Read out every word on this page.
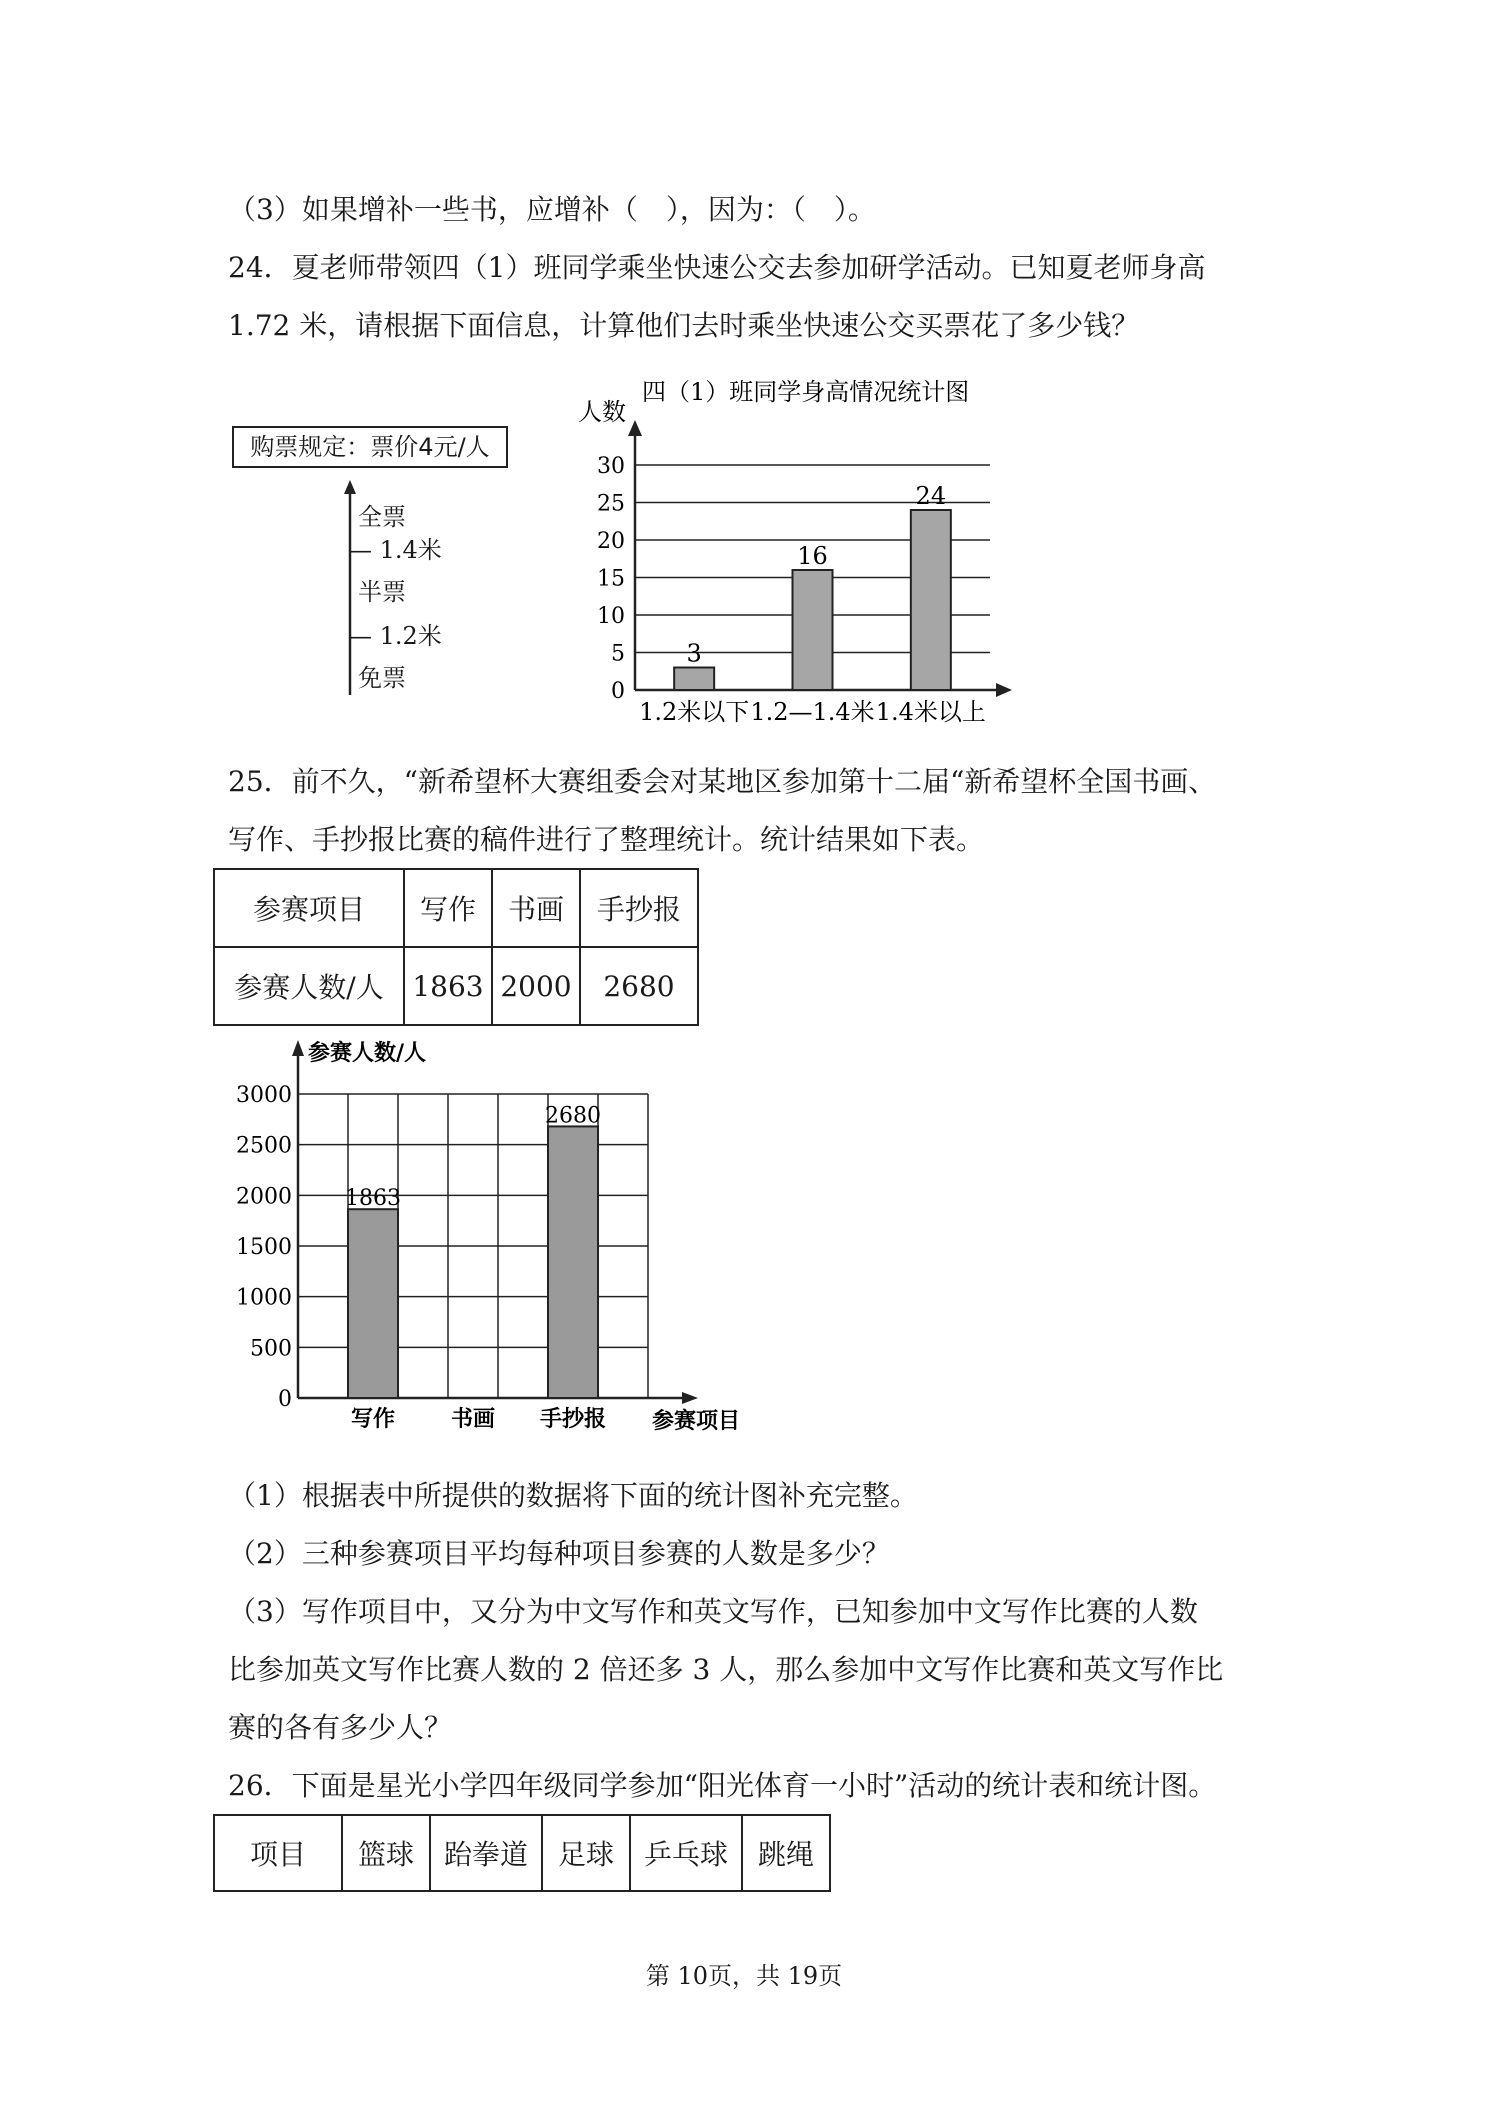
（3）如果增补一些书，应增补（　），因为：（　）。
24．夏老师带领四（1）班同学乘坐快速公交去参加研学活动。已知夏老师身高
1.72 米，请根据下面信息，计算他们去时乘坐快速公交买票花了多少钱？
购票规定：票价4元/人
全票
— 1.4米
半票
— 1.2米
免票
四（1）班同学身高情况统计图
人数
0
5
10
15
20
25
30
3
1.2米以下
16
1.2—1.4米
24
1.4米以上
25．前不久，“新希望杯大赛组委会对某地区参加第十二届“新希望杯全国书画、
写作、手抄报比赛的稿件进行了整理统计。统计结果如下表。
参赛项目	写作	书画	手抄报
参赛人数/人	1863	2000	2680
0
500
1000
1500
2000
2500
3000
参赛人数/人
参赛项目
1863
写作	书画
2680
手抄报
（1）根据表中所提供的数据将下面的统计图补充完整。
（2）三种参赛项目平均每种项目参赛的人数是多少？
（3）写作项目中，又分为中文写作和英文写作，已知参加中文写作比赛的人数
比参加英文写作比赛人数的 2 倍还多 3 人，那么参加中文写作比赛和英文写作比
赛的各有多少人？
26．下面是星光小学四年级同学参加“阳光体育一小时”活动的统计表和统计图。
项目	篮球	跆拳道	足球	乒乓球	跳绳
第 10页，共 19页
